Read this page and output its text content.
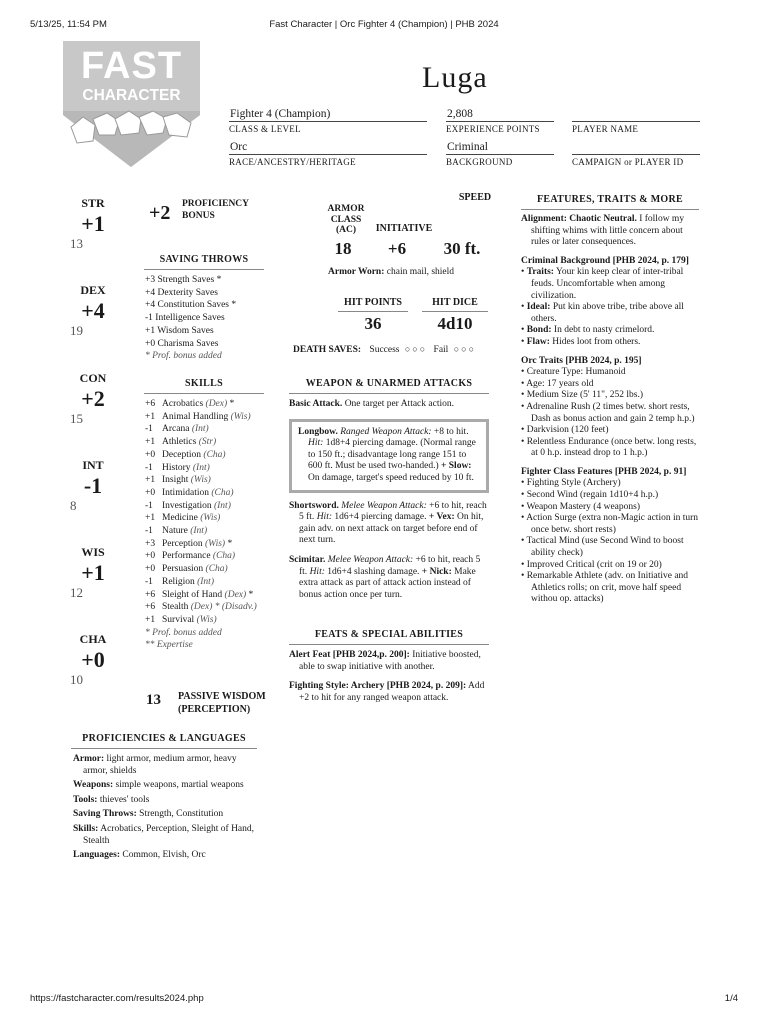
5/13/25, 11:54 PM	Fast Character | Orc Fighter 4 (Champion) | PHB 2024
https://fastcharacter.com/results2024.php	1/4
FAST
CHARACTER
Luga
Fighter 4 (Champion)
CLASS & LEVEL
2,808
EXPERIENCE POINTS	PLAYER NAME
Orc
RACE/ANCESTRY/HERITAGE
Criminal
BACKGROUND	CAMPAIGN or PLAYER ID
STR
+1
13
DEX
+4
19
CON
+2
15
INT
-1
8
WIS
+1
12
CHA
+0
10
+2 PROFICIENCY
BONUS
SAVING THROWS
+3 Strength Saves *
+4 Dexterity Saves
+4 Constitution Saves *
-1 Intelligence Saves
+1 Wisdom Saves
+0 Charisma Saves
* Prof. bonus added
SKILLS
+6 Acrobatics (Dex) *
+1 Animal Handling (Wis)
-1 Arcana (Int)
+1 Athletics (Str)
+0 Deception (Cha)
-1 History (Int)
+1 Insight (Wis)
+0 Intimidation (Cha)
-1 Investigation (Int)
+1 Medicine (Wis)
-1 Nature (Int)
+3 Perception (Wis) *
+0 Performance (Cha)
+0 Persuasion (Cha)
-1 Religion (Int)
+6 Sleight of Hand (Dex) *
+6 Stealth (Dex) * (Disadv.)
+1 Survival (Wis)
* Prof. bonus added
** Expertise
13 PASSIVE WISDOM
(PERCEPTION)
PROFICIENCIES & LANGUAGES
Armor: light armor, medium armor, heavy armor, shields
Weapons: simple weapons, martial weapons
Tools: thieves' tools
Saving Throws: Strength, Constitution
Skills: Acrobatics, Perception, Sleight of Hand, Stealth
Languages: Common, Elvish, Orc
ARMOR CLASS (AC)	INITIATIVE
SPEED
18	+6	30 ft.
Armor Worn: chain mail, shield
HIT POINTS	HIT DICE
36	4d10
DEATH SAVES: Success ○○○ Fail ○○○
WEAPON & UNARMED ATTACKS
Basic Attack. One target per Attack action.
Longbow. Ranged Weapon Attack: +8 to hit. Hit: 1d8+4 piercing damage. (Normal range to 150 ft.; disadvantage long range 151 to 600 ft. Must be used two-handed.) + Slow: On damage, target's speed reduced by 10 ft.
Shortsword. Melee Weapon Attack: +6 to hit, reach 5 ft. Hit: 1d6+4 piercing damage. + Vex: On hit, gain adv. on next attack on target before end of next turn.
Scimitar. Melee Weapon Attack: +6 to hit, reach 5 ft. Hit: 1d6+4 slashing damage. + Nick: Make extra attack as part of attack action instead of bonus action once per turn.
FEATS & SPECIAL ABILITIES
Alert Feat [PHB 2024,p. 200]: Initiative boosted, able to swap initiative with another.
Fighting Style: Archery [PHB 2024, p. 209]: Add +2 to hit for any ranged weapon attack.
FEATURES, TRAITS & MORE
Alignment: Chaotic Neutral. I follow my shifting whims with little concern about rules or later consequences.
Criminal Background [PHB 2024, p. 179]
• Traits: Your kin keep clear of inter-tribal feuds. Uncomfortable when among civilization.
• Ideal: Put kin above tribe, tribe above all others.
• Bond: In debt to nasty crimelord.
• Flaw: Hides loot from others.
Orc Traits [PHB 2024, p. 195]
• Creature Type: Humanoid
• Age: 17 years old
• Medium Size (5' 11", 252 lbs.)
• Adrenaline Rush (2 times betw. short rests, Dash as bonus action and gain 2 temp h.p.)
• Darkvision (120 feet)
• Relentless Endurance (once betw. long rests, at 0 h.p. instead drop to 1 h.p.)
Fighter Class Features [PHB 2024, p. 91]
• Fighting Style (Archery)
• Second Wind (regain 1d10+4 h.p.)
• Weapon Mastery (4 weapons)
• Action Surge (extra non-Magic action in turn once betw. short rests)
• Tactical Mind (use Second Wind to boost ability check)
• Improved Critical (crit on 19 or 20)
• Remarkable Athlete (adv. on Initiative and Athletics rolls; on crit, move half speed withou op. attacks)
